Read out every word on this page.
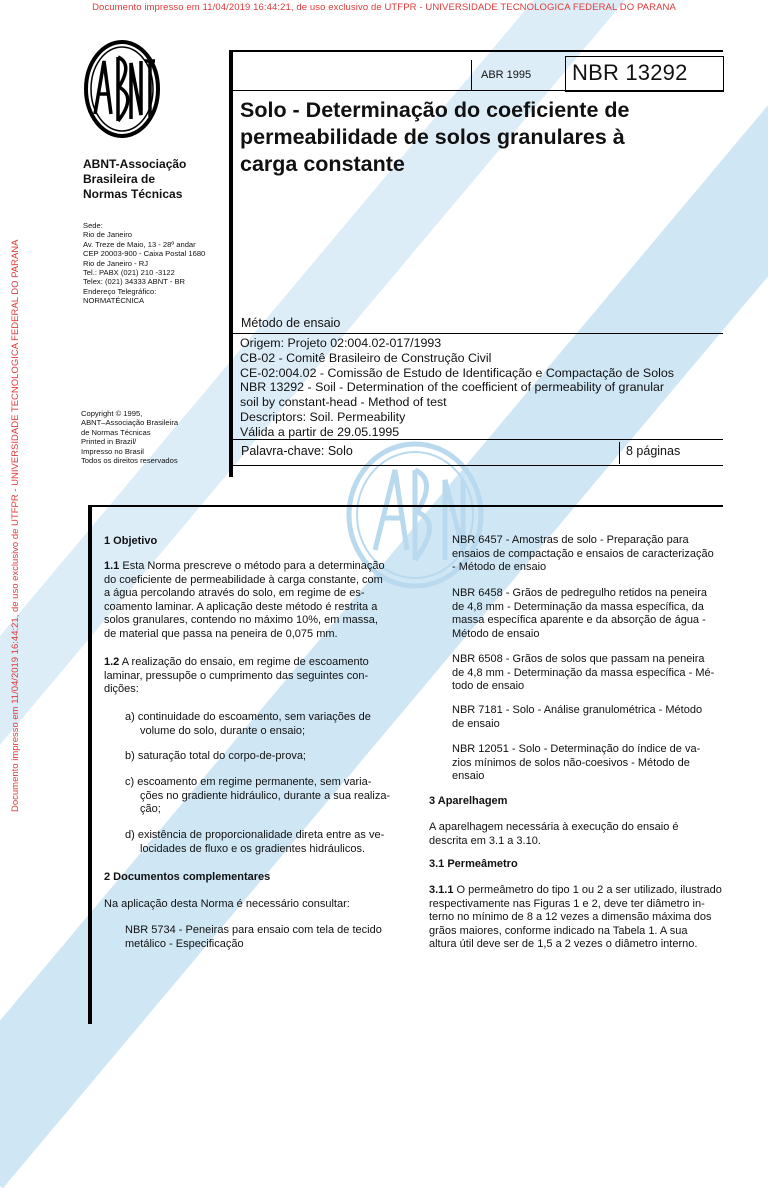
Documento impresso em 11/04/2019 16:44:21, de uso exclusivo de UTFPR - UNIVERSIDADE TECNOLOGICA FEDERAL DO PARANA
Documento impresso em 11/04/2019 16:44:21, de uso exclusivo de UTFPR - UNIVERSIDADE TECNOLOGICA FEDERAL DO PARANA
ABNT-Associação
Brasileira de
Normas Técnicas
Sede:
Rio de Janeiro
Av. Treze de Maio, 13 - 28º andar
CEP 20003-900 - Caixa Postal 1680
Rio de Janeiro - RJ
Tel.: PABX (021) 210 -3122
Telex: (021) 34333 ABNT - BR
Endereço Telegráfico:
NORMATÉCNICA
Copyright © 1995,
ABNT–Associação Brasileira
de Normas Técnicas
Printed in Brazil/
Impresso no Brasil
Todos os direitos reservados
ABR 1995 NBR 13292
Solo - Determinação do coeficiente de
permeabilidade de solos granulares à
carga constante
Método de ensaio
Origem: Projeto 02:004.02-017/1993
CB-02 - Comitê Brasileiro de Construção Civil
CE-02:004.02 - Comissão de Estudo de Identificação e Compactação de Solos
NBR 13292 - Soil - Determination of the coefficient of permeability of granular
soil by constant-head - Method of test
Descriptors: Soil. Permeability
Válida a partir de 29.05.1995
Palavra-chave: Solo	8 páginas
1 Objetivo
1.1 Esta Norma prescreve o método para a determinação
do coeficiente de permeabilidade à carga constante, com
a água percolando através do solo, em regime de es-
coamento laminar. A aplicação deste método é restrita a
solos granulares, contendo no máximo 10%, em massa,
de material que passa na peneira de 0,075 mm.
1.2 A realização do ensaio, em regime de escoamento
laminar, pressupõe o cumprimento das seguintes con-
dições:
a) continuidade do escoamento, sem variações de
volume do solo, durante o ensaio;
b) saturação total do corpo-de-prova;
c) escoamento em regime permanente, sem varia-
ções no gradiente hidráulico, durante a sua realiza-
ção;
d) existência de proporcionalidade direta entre as ve-
locidades de fluxo e os gradientes hidráulicos.
2 Documentos complementares
Na aplicação desta Norma é necessário consultar:
NBR 5734 - Peneiras para ensaio com tela de tecido
metálico - Especificação
NBR 6457 - Amostras de solo - Preparação para
ensaios de compactação e ensaios de caracterização
- Método de ensaio
NBR 6458 - Grãos de pedregulho retidos na peneira
de 4,8 mm - Determinação da massa específica, da
massa específica aparente e da absorção de água -
Método de ensaio
NBR 6508 - Grãos de solos que passam na peneira
de 4,8 mm - Determinação da massa específica - Mé-
todo de ensaio
NBR 7181 - Solo - Análise granulométrica - Método
de ensaio
NBR 12051 - Solo - Determinação do índice de va-
zios mínimos de solos não-coesivos - Método de
ensaio
3 Aparelhagem
A aparelhagem necessária à execução do ensaio é
descrita em 3.1 a 3.10.
3.1 Permeâmetro
3.1.1 O permeâmetro do tipo 1 ou 2 a ser utilizado, ilustrado
respectivamente nas Figuras 1 e 2, deve ter diâmetro in-
terno no mínimo de 8 a 12 vezes a dimensão máxima dos
grãos maiores, conforme indicado na Tabela 1. A sua
altura útil deve ser de 1,5 a 2 vezes o diâmetro interno.
